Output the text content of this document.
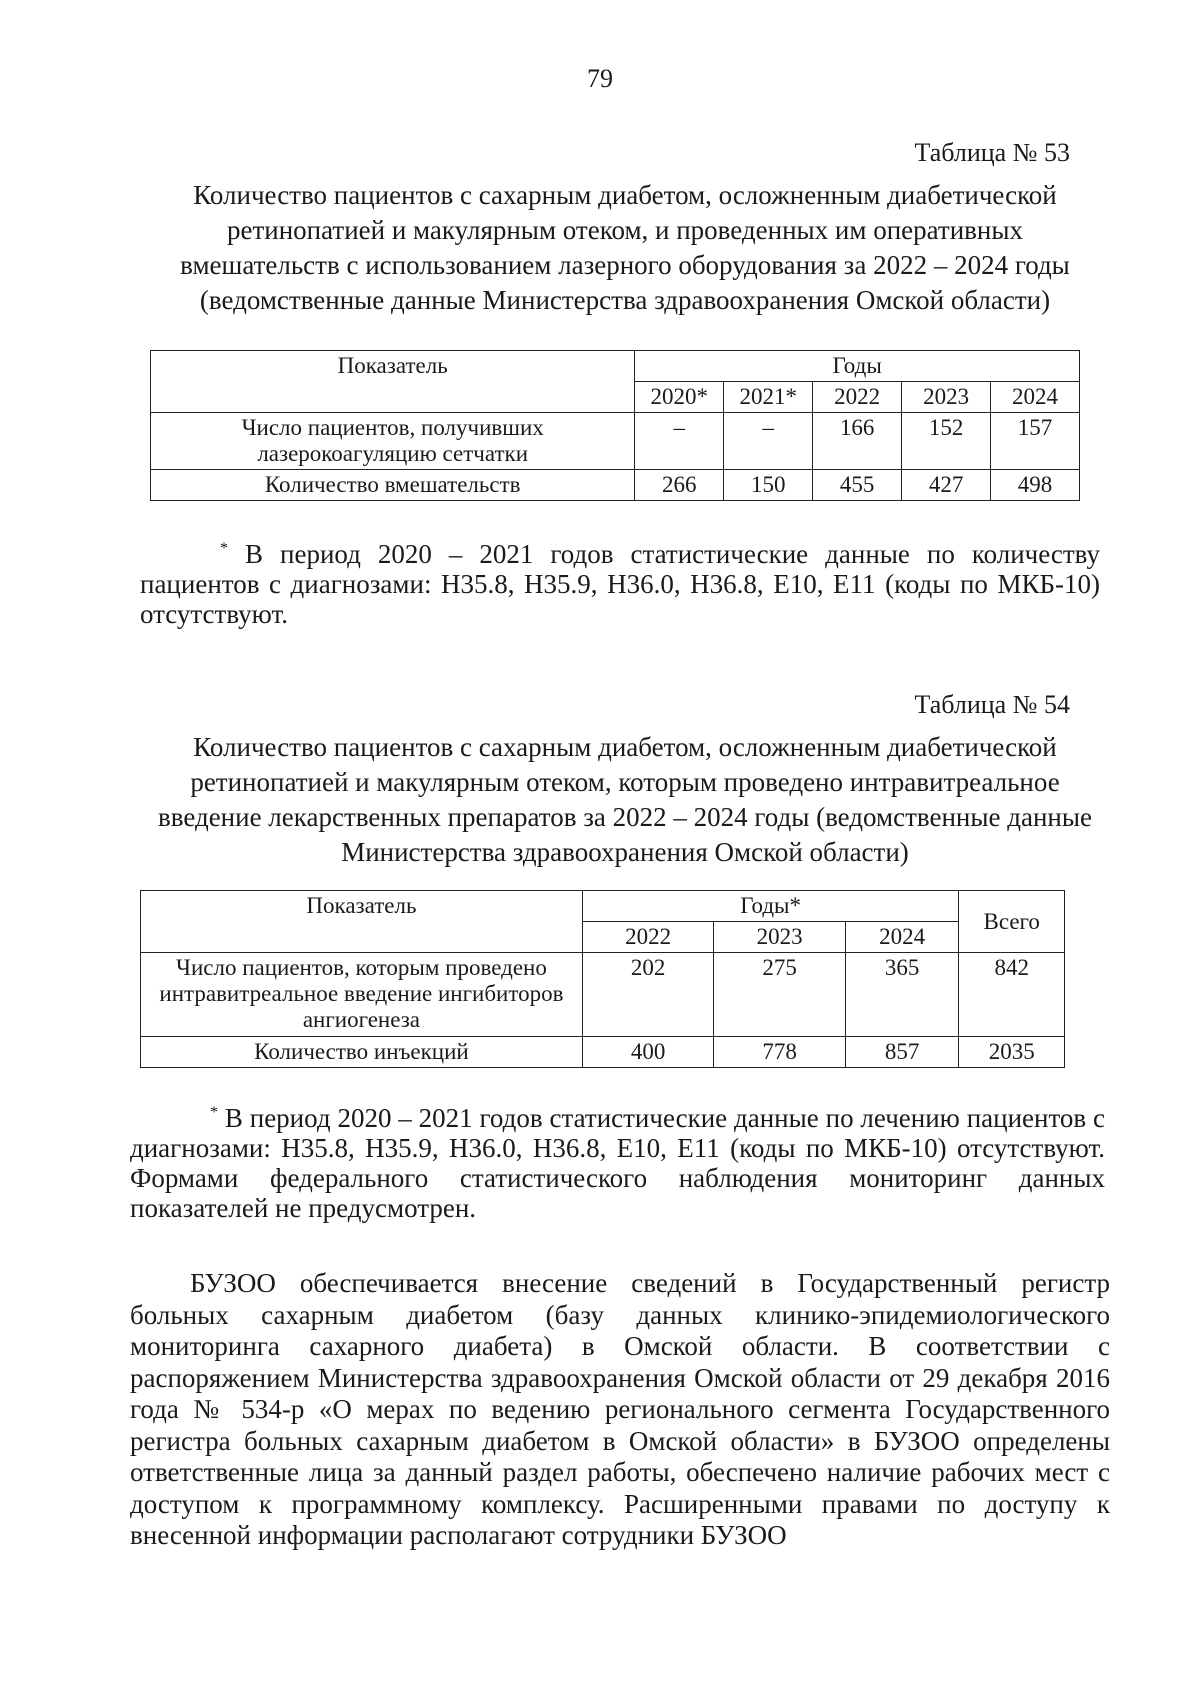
79
Таблица № 53
Количество пациентов с сахарным диабетом, осложненным диабетической ретинопатией и макулярным отеком, и проведенных им оперативных вмешательств с использованием лазерного оборудования за 2022 – 2024 годы (ведомственные данные Министерства здравоохранения Омской области)
Показатель	Годы				
	2020*	2021*	2022	2023	2024
Число пациентов, получивших лазерокоагуляцию сетчатки	–	–	166	152	157
Количество вмешательств	266	150	455	427	498
* В период 2020 – 2021 годов статистические данные по количеству пациентов с диагнозами: Н35.8, Н35.9, Н36.0, Н36.8, Е10, Е11 (коды по МКБ-10) отсутствуют.
Таблица № 54
Количество пациентов с сахарным диабетом, осложненным диабетической ретинопатией и макулярным отеком, которым проведено интравитреальное введение лекарственных препаратов за 2022 – 2024 годы (ведомственные данные Министерства здравоохранения Омской области)
Показатель	Годы*			Всего
	2022	2023	2024	
Число пациентов, которым проведено интравитреальное введение ингибиторов ангиогенеза	202	275	365	842
Количество инъекций	400	778	857	2035
* В период 2020 – 2021 годов статистические данные по лечению пациентов с диагнозами: Н35.8, Н35.9, Н36.0, Н36.8, Е10, Е11 (коды по МКБ-10) отсутствуют. Формами федерального статистического наблюдения мониторинг данных показателей не предусмотрен.
БУЗОО обеспечивается внесение сведений в Государственный регистр больных сахарным диабетом (базу данных клинико-эпидемиологического мониторинга сахарного диабета) в Омской области. В соответствии с распоряжением Министерства здравоохранения Омской области от 29 декабря 2016 года № 534-р «О мерах по ведению регионального сегмента Государственного регистра больных сахарным диабетом в Омской области» в БУЗОО определены ответственные лица за данный раздел работы, обеспечено наличие рабочих мест с доступом к программному комплексу. Расширенными правами по доступу к внесенной информации располагают сотрудники БУЗОО
